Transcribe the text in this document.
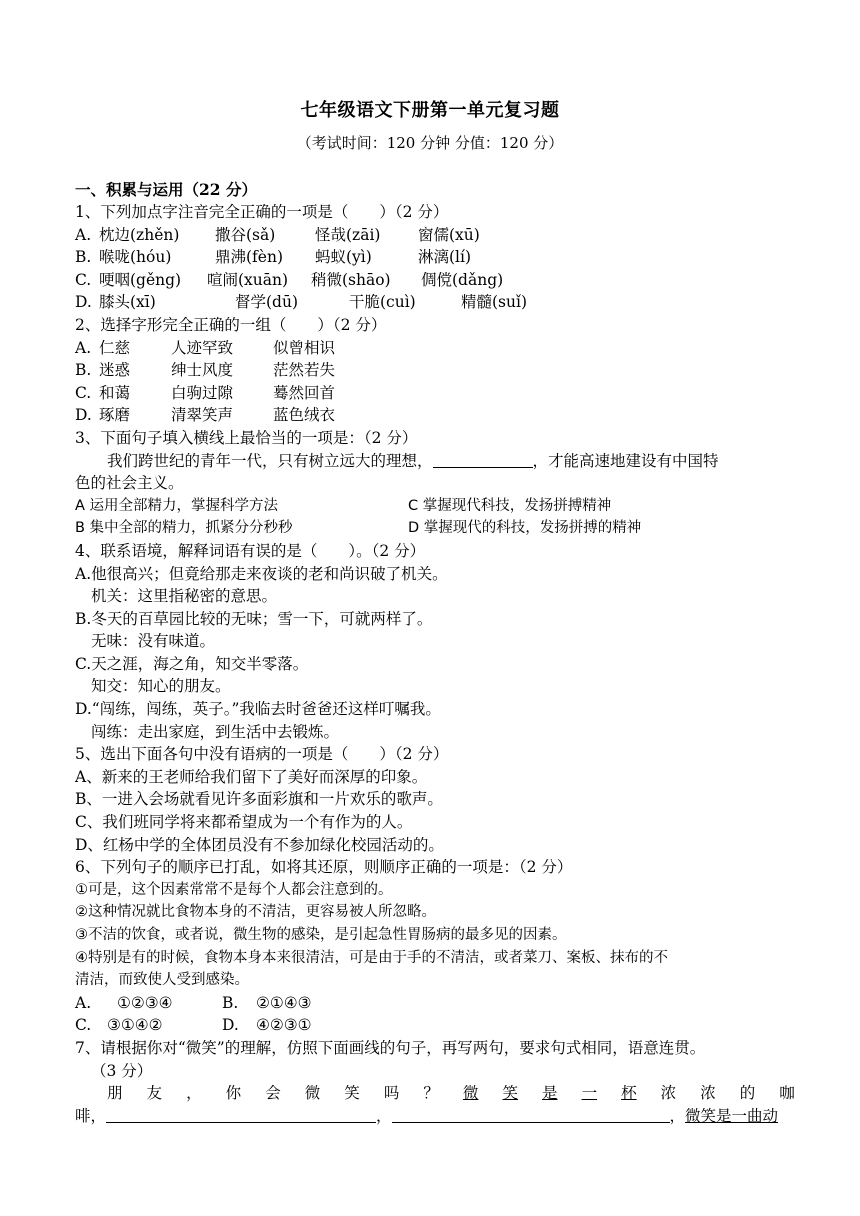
七年级语文下册第一单元复习题
（考试时间：120 分钟 分值：120 分）
一、积累与运用（22 分）
1、下列加点字注音完全正确的一项是（　　）（2 分）
A. 枕边(zhěn) 撒谷(sǎ)	怪哉(zāi) 窗儒(xū)
B. 喉咙(hóu)	鼎沸(fèn) 蚂蚁(yì)	淋漓(lí)
C. 哽咽(gěng) 喧闹(xuān) 稍微(shāo) 倜傥(dǎng)
D. 膝头(xī)	督学(dū)	干脆(cuì)	精髓(suǐ)
2、选择字形完全正确的一组（　　）（2 分）
A. 仁慈	人迹罕致	似曾相识
B. 迷惑	绅士风度	茫然若失
C. 和蔼	白驹过隙	蓦然回首
D. 琢磨	清翠笑声	蓝色绒衣
3、下面句子填入横线上最恰当的一项是：（2 分）
我们跨世纪的青年一代，只有树立远大的理想，	，才能高速地建设有中国特
色的社会主义。
A 运用全部精力，掌握科学方法	C 掌握现代科技，发扬拼搏精神
B 集中全部的精力，抓紧分分秒秒	D 掌握现代的科技，发扬拼搏的精神
4、联系语境，解释词语有误的是（　　）。（2 分）
A.他很高兴；但竟给那走来夜谈的老和尚识破了机关。
机关：这里指秘密的意思。
B.冬天的百草园比较的无味；雪一下，可就两样了。
无味：没有味道。
C.天之涯，海之角，知交半零落。
知交：知心的朋友。
D.“闯练，闯练，英子。”我临去时爸爸还这样叮嘱我。
闯练：走出家庭，到生活中去锻炼。
5、选出下面各句中没有语病的一项是（　　）（2 分）
A、新来的王老师给我们留下了美好而深厚的印象。
B、一进入会场就看见许多面彩旗和一片欢乐的歌声。
C、我们班同学将来都希望成为一个有作为的人。
D、红杨中学的全体团员没有不参加绿化校园活动的。
6、下列句子的顺序已打乱，如将其还原，则顺序正确的一项是：（2 分）
①可是，这个因素常常不是每个人都会注意到的。
②这种情况就比食物本身的不清洁，更容易被人所忽略。
③不洁的饮食，或者说，微生物的感染，是引起急性胃肠病的最多见的因素。
④特别是有的时候，食物本身本来很清洁，可是由于手的不清洁，或者菜刀、案板、抹布的不
清洁，而致使人受到感染。
A. ①②③④	B. ②①④③
C. ③①④②	D. ④②③①
7、请根据你对“微笑”的理解，仿照下面画线的句子，再写两句，要求句式相同，语意连贯。
（3 分）
朋 友 ， 你 会 微 笑 吗 ？ 微 笑 是 一 杯 浓 浓 的 咖
啡，	，	，微笑是一曲动
